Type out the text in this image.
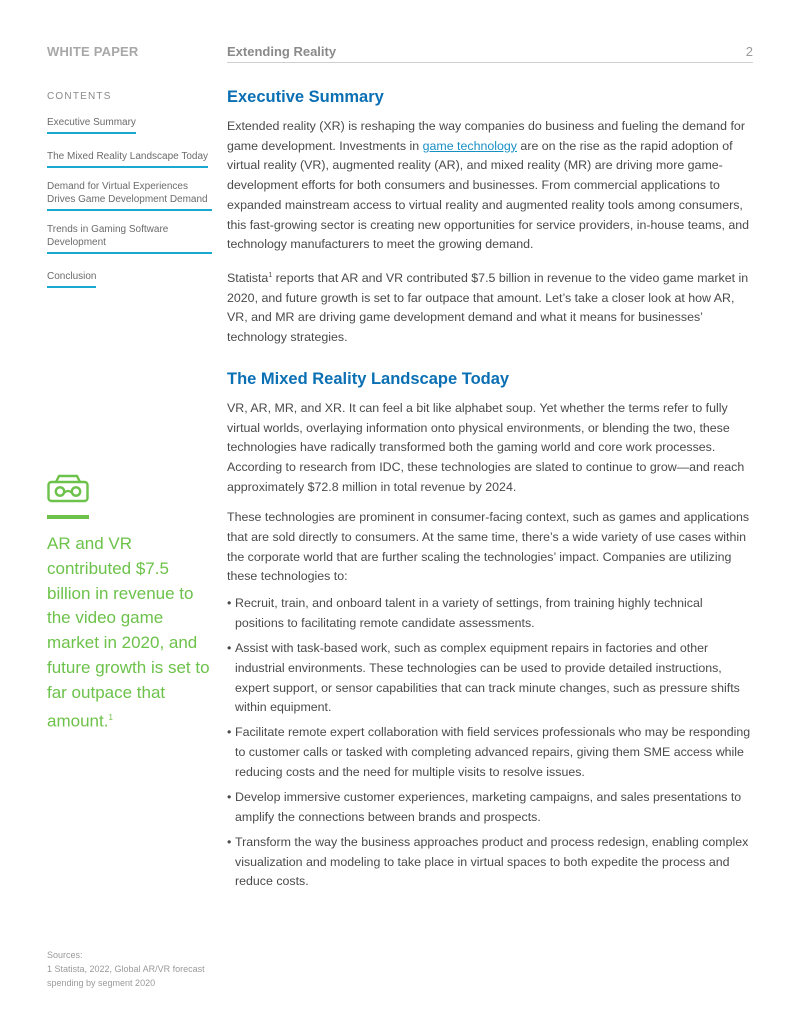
WHITE PAPER	Extending Reality	2
CONTENTS
Executive Summary
The Mixed Reality Landscape Today
Demand for Virtual Experiences Drives Game Development Demand
Trends in Gaming Software Development
Conclusion
AR and VR contributed $7.5 billion in revenue to the video game market in 2020, and future growth is set to far outpace that amount.$^1$
Sources:
1 Statista, 2022, Global AR/VR forecast spending by segment 2020
Executive Summary

Extended reality (XR) is reshaping the way companies do business and fueling the demand for game development. Investments in game technology are on the rise as the rapid adoption of virtual reality (VR), augmented reality (AR), and mixed reality (MR) are driving more game-development efforts for both consumers and businesses. From commercial applications to expanded mainstream access to virtual reality and augmented reality tools among consumers, this fast-growing sector is creating new opportunities for service providers, in-house teams, and technology manufacturers to meet the growing demand.

Statista$^1$ reports that AR and VR contributed $7.5 billion in revenue to the video game market in 2020, and future growth is set to far outpace that amount. Let’s take a closer look at how AR, VR, and MR are driving game development demand and what it means for businesses’ technology strategies.

The Mixed Reality Landscape Today

VR, AR, MR, and XR. It can feel a bit like alphabet soup. Yet whether the terms refer to fully virtual worlds, overlaying information onto physical environments, or blending the two, these technologies have radically transformed both the gaming world and core work processes. According to research from IDC, these technologies are slated to continue to grow—and reach approximately $72.8 million in total revenue by 2024.

These technologies are prominent in consumer-facing context, such as games and applications that are sold directly to consumers. At the same time, there’s a wide variety of use cases within the corporate world that are further scaling the technologies’ impact. Companies are utilizing these technologies to:

• Recruit, train, and onboard talent in a variety of settings, from training highly technical positions to facilitating remote candidate assessments.
• Assist with task-based work, such as complex equipment repairs in factories and other industrial environments. These technologies can be used to provide detailed instructions, expert support, or sensor capabilities that can track minute changes, such as pressure shifts within equipment.
• Facilitate remote expert collaboration with field services professionals who may be responding to customer calls or tasked with completing advanced repairs, giving them SME access while reducing costs and the need for multiple visits to resolve issues.
• Develop immersive customer experiences, marketing campaigns, and sales presentations to amplify the connections between brands and prospects.
• Transform the way the business approaches product and process redesign, enabling complex visualization and modeling to take place in virtual spaces to both expedite the process and reduce costs.
